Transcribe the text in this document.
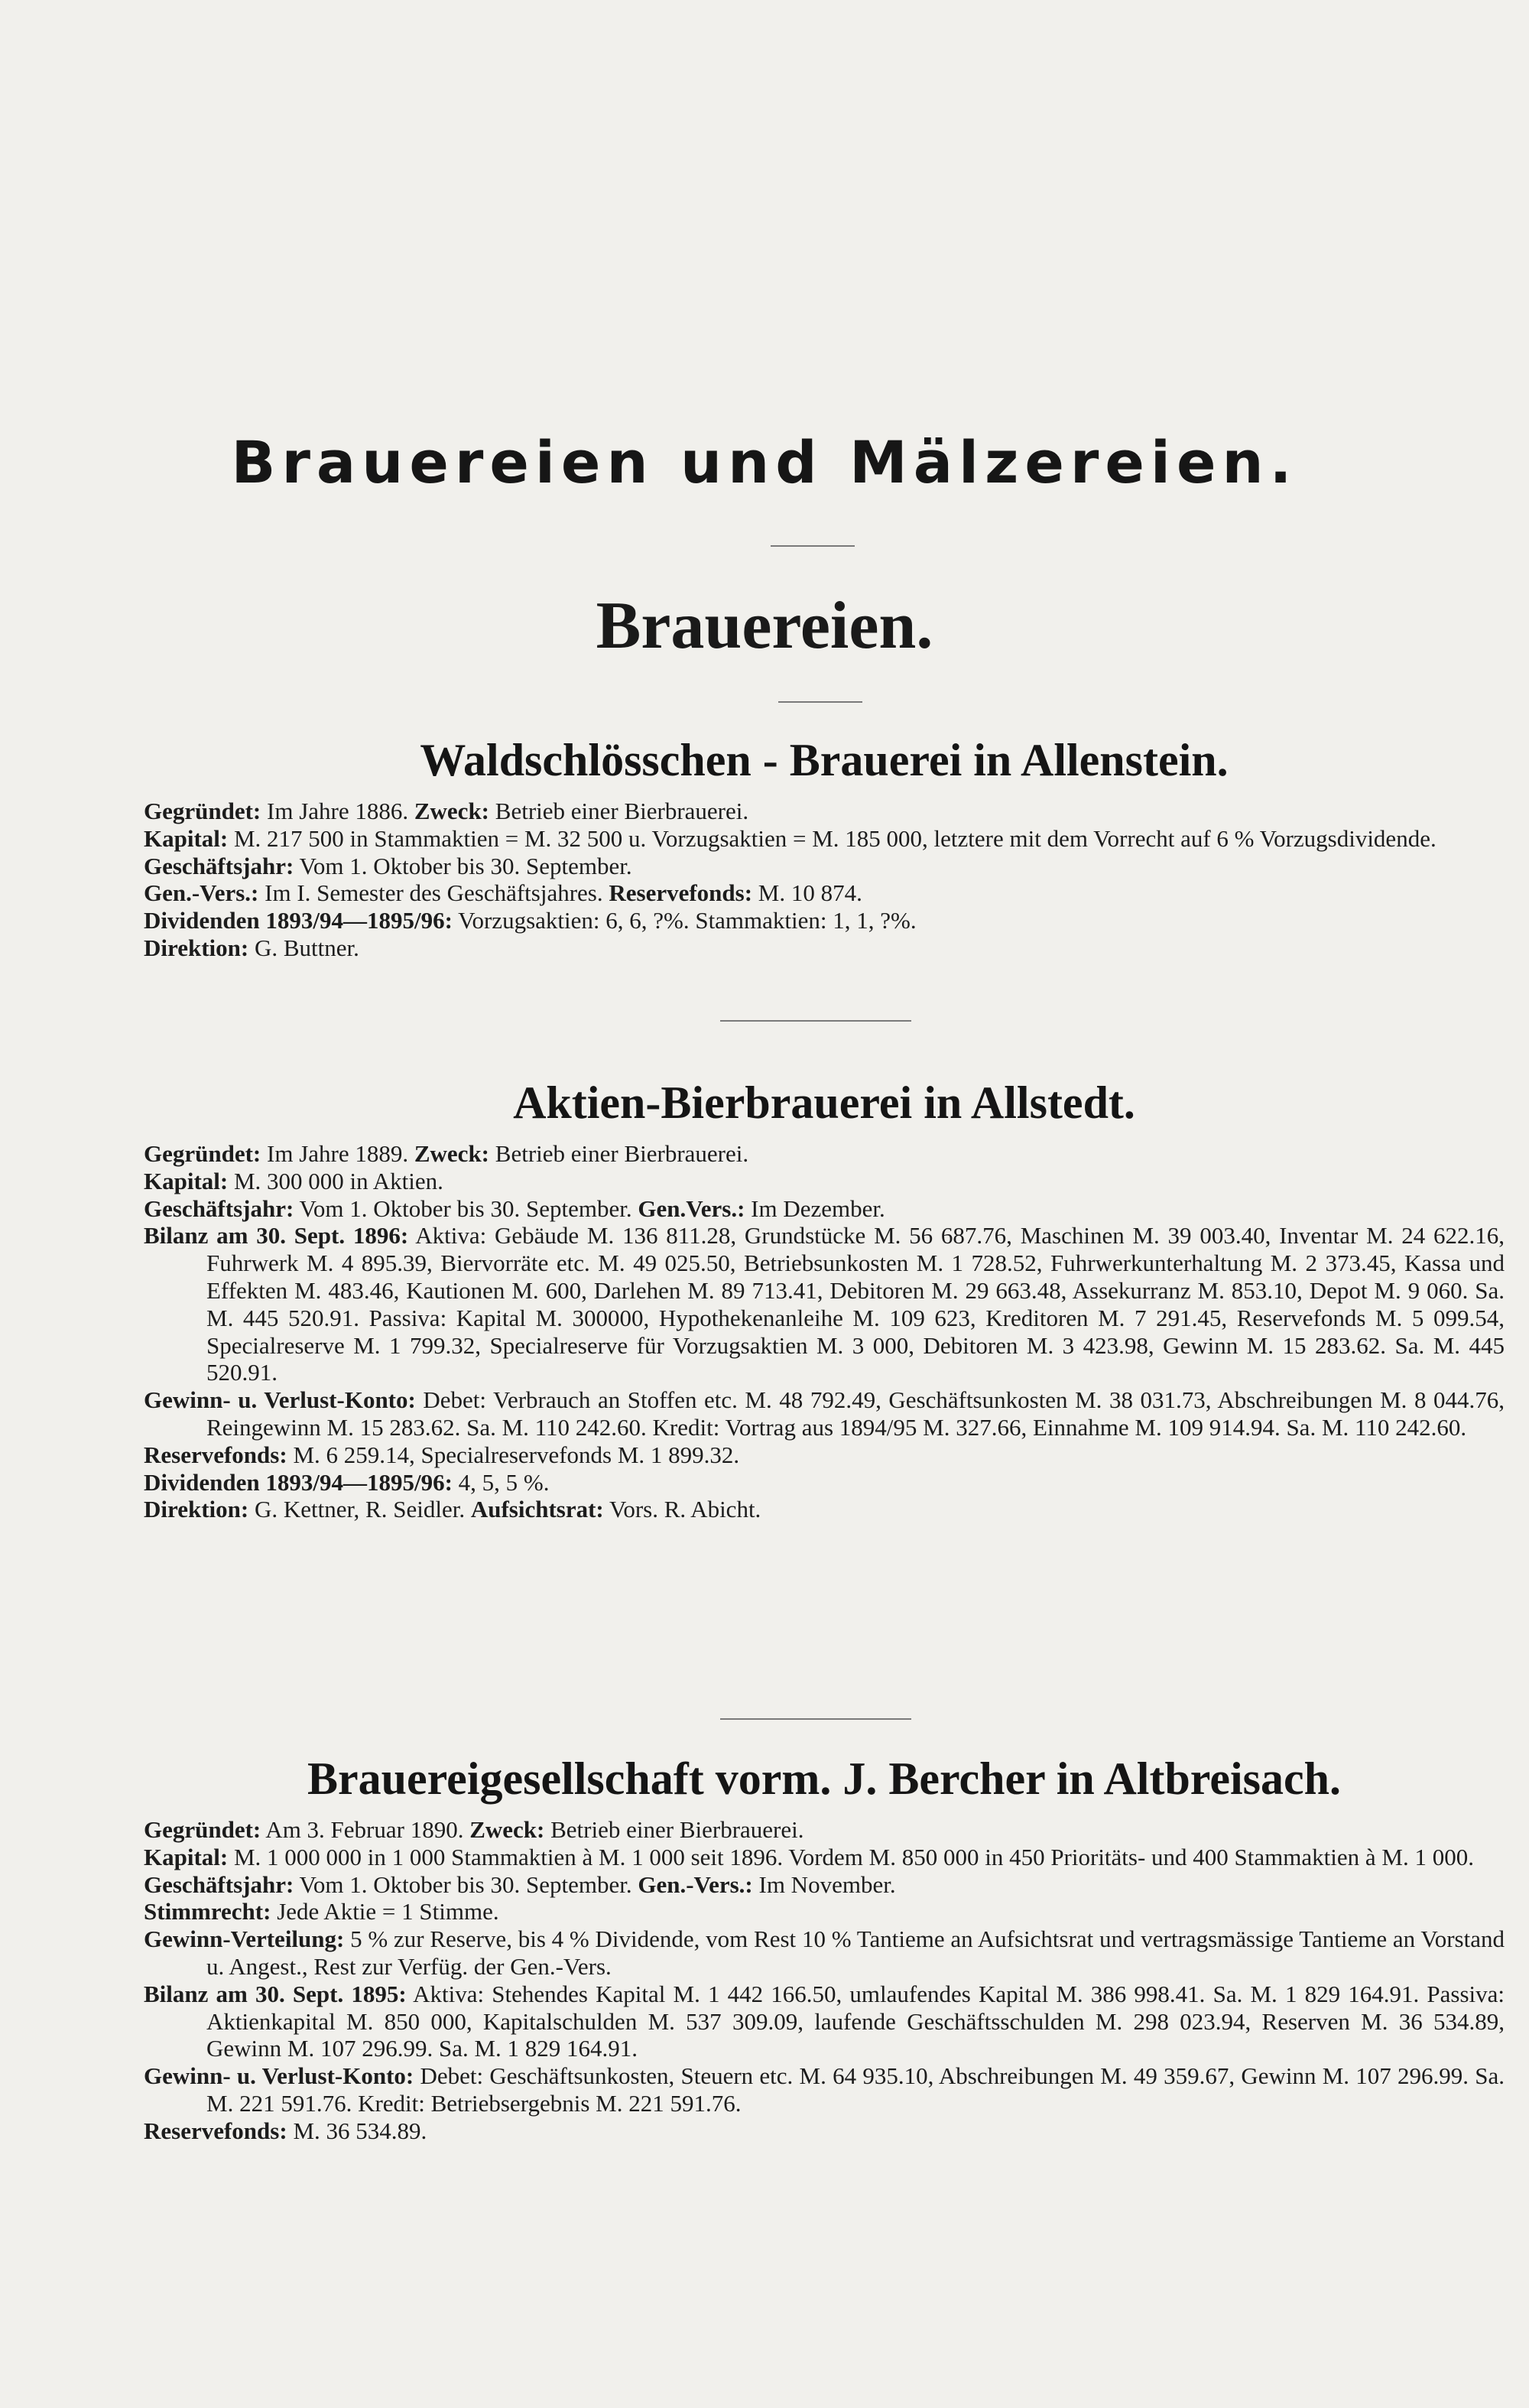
Brauereien und Mälzereien.
Brauereien.
Waldschlösschen - Brauerei in Allenstein.

Gegründet: Im Jahre 1886. Zweck: Betrieb einer Bierbrauerei.

Kapital: M. 217 500 in Stammaktien = M. 32 500 u. Vorzugsaktien = M. 185 000, letztere mit dem Vorrecht auf 6 % Vorzugsdividende.

Geschäftsjahr: Vom 1. Oktober bis 30. September.

Gen.-Vers.: Im I. Semester des Geschäftsjahres. Reservefonds: M. 10 874.

Dividenden 1893/94—1895/96: Vorzugsaktien: 6, 6, ?%. Stammaktien: 1, 1, ?%.

Direktion: G. Buttner.

Aktien-Bierbrauerei in Allstedt.

Gegründet: Im Jahre 1889. Zweck: Betrieb einer Bierbrauerei.

Kapital: M. 300 000 in Aktien.

Geschäftsjahr: Vom 1. Oktober bis 30. September. Gen.Vers.: Im Dezember.

Bilanz am 30. Sept. 1896: Aktiva: Gebäude M. 136 811.28, Grundstücke M. 56 687.76, Maschinen M. 39 003.40, Inventar M. 24 622.16, Fuhrwerk M. 4 895.39, Biervorräte etc. M. 49 025.50, Betriebsunkosten M. 1 728.52, Fuhrwerkunterhaltung M. 2 373.45, Kassa und Effekten M. 483.46, Kautionen M. 600, Darlehen M. 89 713.41, Debitoren M. 29 663.48, Assekurranz M. 853.10, Depot M. 9 060. Sa. M. 445 520.91. Passiva: Kapital M. 300000, Hypothekenanleihe M. 109 623, Kreditoren M. 7 291.45, Reservefonds M. 5 099.54, Specialreserve M. 1 799.32, Specialreserve für Vorzugsaktien M. 3 000, Debitoren M. 3 423.98, Gewinn M. 15 283.62. Sa. M. 445 520.91.

Gewinn- u. Verlust-Konto: Debet: Verbrauch an Stoffen etc. M. 48 792.49, Geschäftsunkosten M. 38 031.73, Abschreibungen M. 8 044.76, Reingewinn M. 15 283.62. Sa. M. 110 242.60. Kredit: Vortrag aus 1894/95 M. 327.66, Einnahme M. 109 914.94. Sa. M. 110 242.60.

Reservefonds: M. 6 259.14, Specialreservefonds M. 1 899.32.

Dividenden 1893/94—1895/96: 4, 5, 5 %.

Direktion: G. Kettner, R. Seidler. Aufsichtsrat: Vors. R. Abicht.

Brauereigesellschaft vorm. J. Bercher in Altbreisach.

Gegründet: Am 3. Februar 1890. Zweck: Betrieb einer Bierbrauerei.

Kapital: M. 1 000 000 in 1 000 Stammaktien à M. 1 000 seit 1896. Vordem M. 850 000 in 450 Prioritäts- und 400 Stammaktien à M. 1 000.

Geschäftsjahr: Vom 1. Oktober bis 30. September. Gen.-Vers.: Im November.

Stimmrecht: Jede Aktie = 1 Stimme.

Gewinn-Verteilung: 5 % zur Reserve, bis 4 % Dividende, vom Rest 10 % Tantieme an Aufsichtsrat und vertragsmässige Tantieme an Vorstand u. Angest., Rest zur Verfüg. der Gen.-Vers.

Bilanz am 30. Sept. 1895: Aktiva: Stehendes Kapital M. 1 442 166.50, umlaufendes Kapital M. 386 998.41. Sa. M. 1 829 164.91. Passiva: Aktienkapital M. 850 000, Kapitalschulden M. 537 309.09, laufende Geschäftsschulden M. 298 023.94, Reserven M. 36 534.89, Gewinn M. 107 296.99. Sa. M. 1 829 164.91.

Gewinn- u. Verlust-Konto: Debet: Geschäftsunkosten, Steuern etc. M. 64 935.10, Abschreibungen M. 49 359.67, Gewinn M. 107 296.99. Sa. M. 221 591.76. Kredit: Betriebsergebnis M. 221 591.76.

Reservefonds: M. 36 534.89.
